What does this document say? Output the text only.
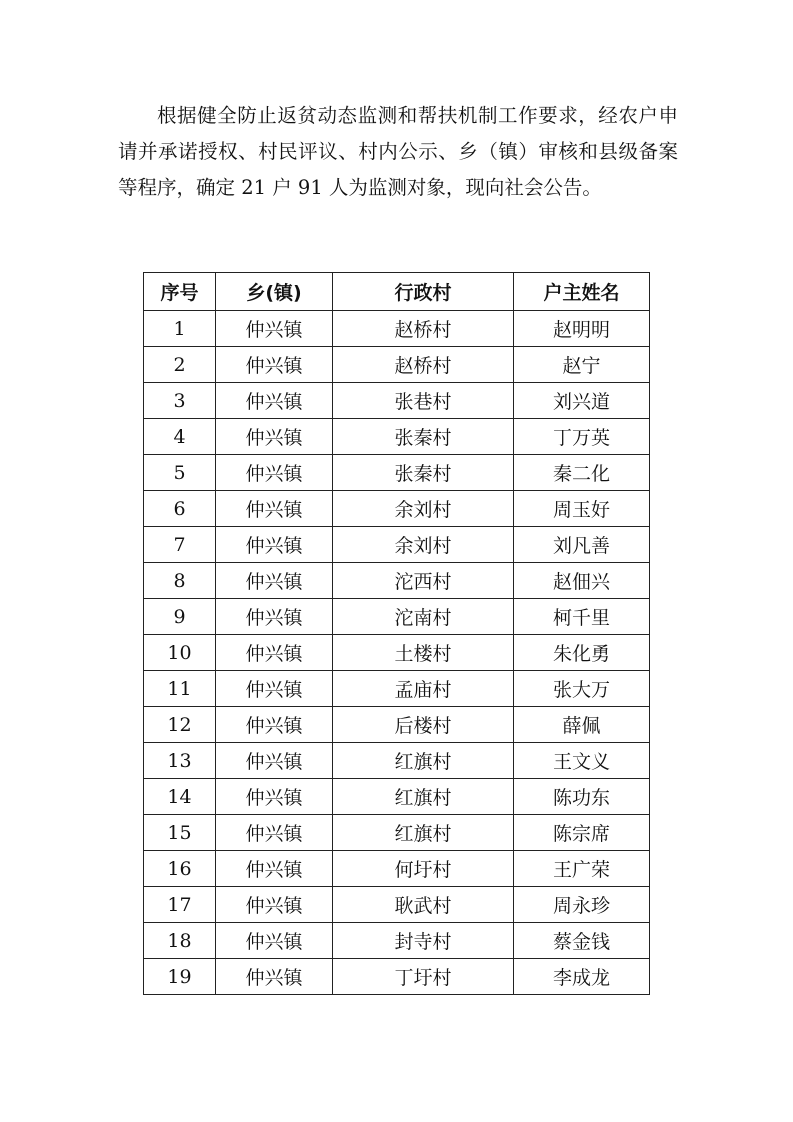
根据健全防止返贫动态监测和帮扶机制工作要求，经农户申请并承诺授权、村民评议、村内公示、乡（镇）审核和县级备案等程序，确定 21 户 91 人为监测对象，现向社会公告。

序号	乡(镇)	行政村	户主姓名
1	仲兴镇	赵桥村	赵明明
2	仲兴镇	赵桥村	赵宁
3	仲兴镇	张巷村	刘兴道
4	仲兴镇	张秦村	丁万英
5	仲兴镇	张秦村	秦二化
6	仲兴镇	余刘村	周玉好
7	仲兴镇	余刘村	刘凡善
8	仲兴镇	沱西村	赵佃兴
9	仲兴镇	沱南村	柯千里
10	仲兴镇	土楼村	朱化勇
11	仲兴镇	孟庙村	张大万
12	仲兴镇	后楼村	薛佩
13	仲兴镇	红旗村	王文义
14	仲兴镇	红旗村	陈功东
15	仲兴镇	红旗村	陈宗席
16	仲兴镇	何圩村	王广荣
17	仲兴镇	耿武村	周永珍
18	仲兴镇	封寺村	蔡金钱
19	仲兴镇	丁圩村	李成龙
